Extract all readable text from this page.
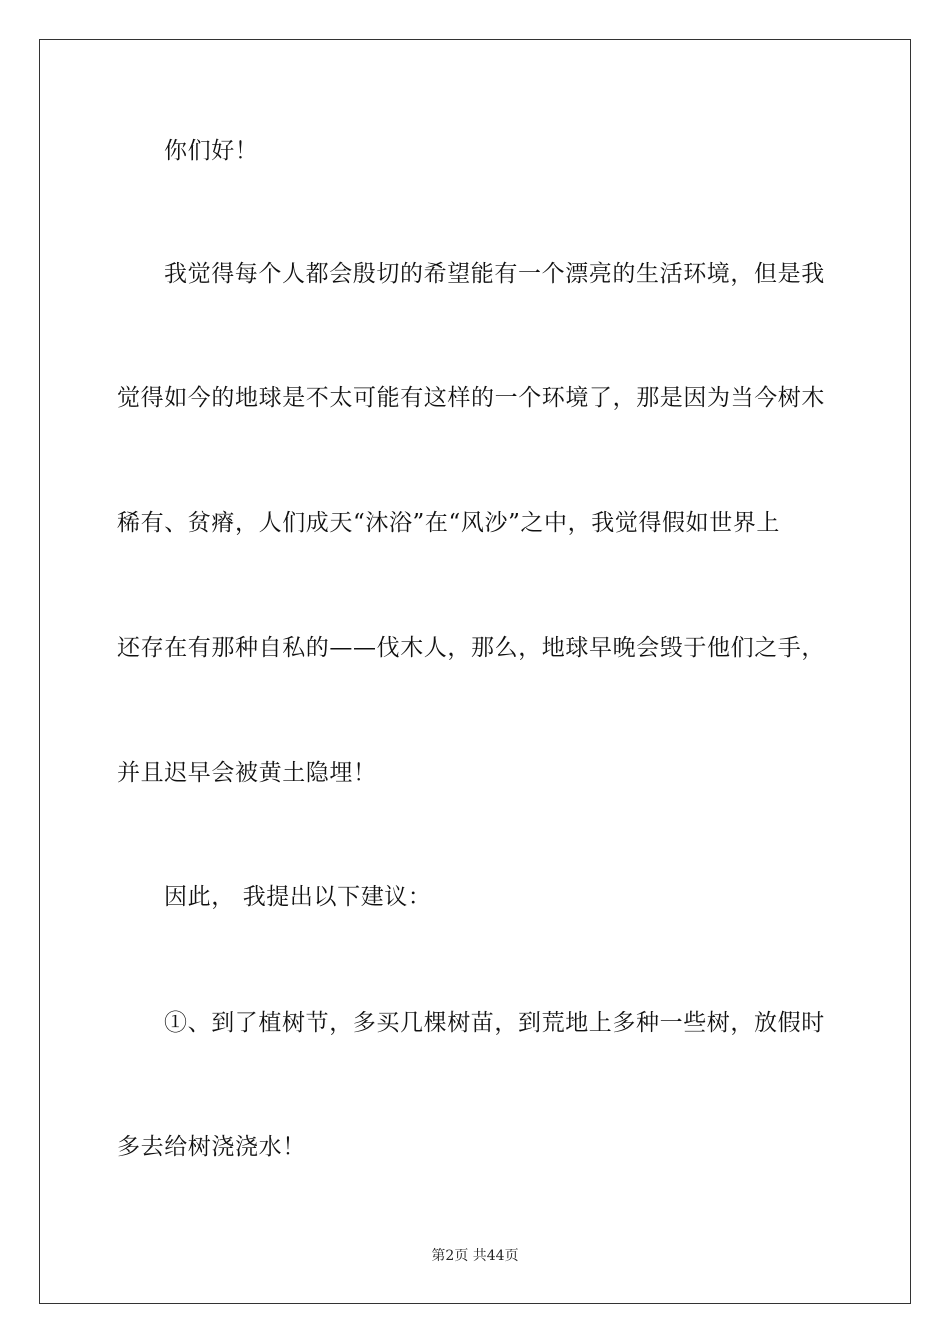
你们好！
我觉得每个人都会殷切的希望能有一个漂亮的生活环境，但是我
觉得如今的地球是不太可能有这样的一个环境了，那是因为当今树木
稀有、贫瘠，人们成天“沐浴”在“风沙”之中，我觉得假如世界上
还存在有那种自私的——伐木人，那么，地球早晚会毁于他们之手，
并且迟早会被黄土隐埋！
因此， 我提出以下建议：
①、到了植树节，多买几棵树苗，到荒地上多种一些树，放假时
多去给树浇浇水！
第2页 共44页
